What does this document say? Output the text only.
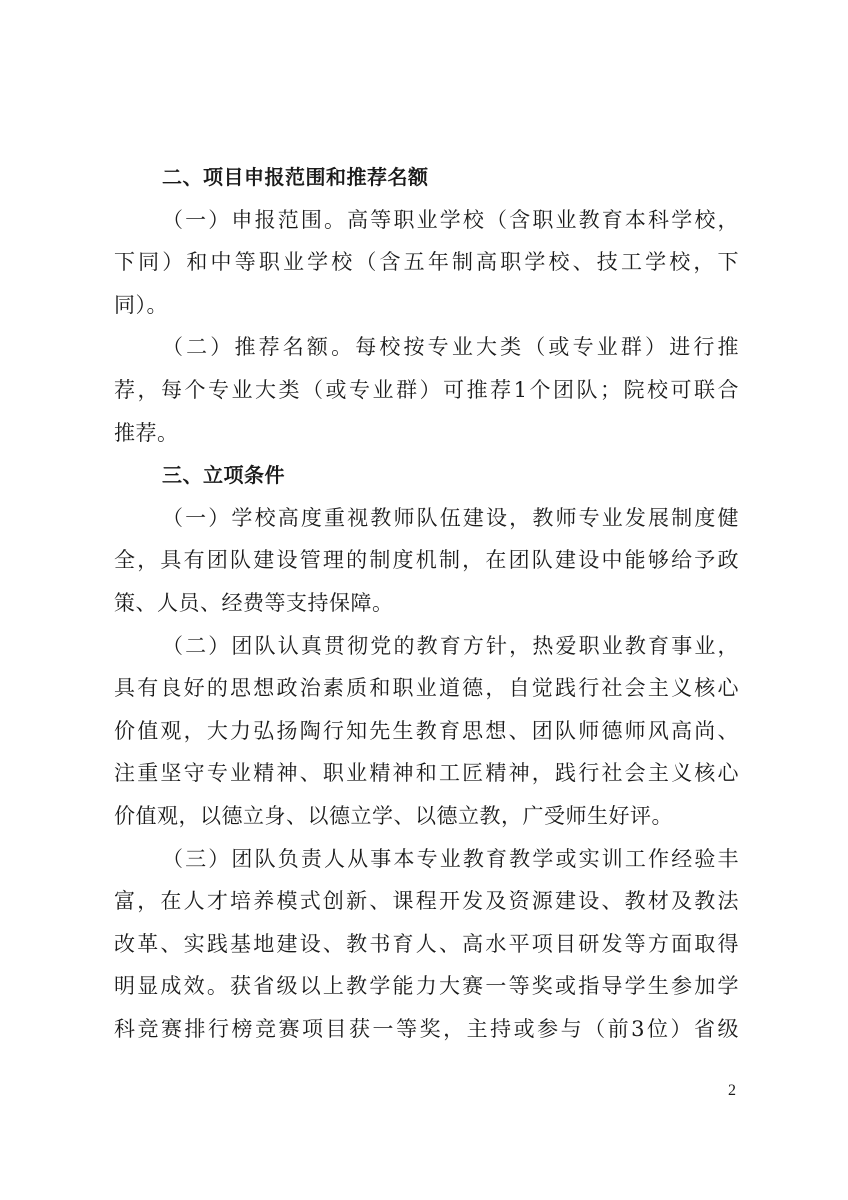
二、项目申报范围和推荐名额
（一）申报范围。高等职业学校（含职业教育本科学校，
下同）和中等职业学校（含五年制高职学校、技工学校，下
同）。
（二）推荐名额。每校按专业大类（或专业群）进行推
荐，每个专业大类（或专业群）可推荐1个团队；院校可联合
推荐。
三、立项条件
（一）学校高度重视教师队伍建设，教师专业发展制度健
全，具有团队建设管理的制度机制，在团队建设中能够给予政
策、人员、经费等支持保障。
（二）团队认真贯彻党的教育方针，热爱职业教育事业，
具有良好的思想政治素质和职业道德，自觉践行社会主义核心
价值观，大力弘扬陶行知先生教育思想、团队师德师风高尚、
注重坚守专业精神、职业精神和工匠精神，践行社会主义核心
价值观，以德立身、以德立学、以德立教，广受师生好评。
（三）团队负责人从事本专业教育教学或实训工作经验丰
富，在人才培养模式创新、课程开发及资源建设、教材及教法
改革、实践基地建设、教书育人、高水平项目研发等方面取得
明显成效。获省级以上教学能力大赛一等奖或指导学生参加学
科竞赛排行榜竞赛项目获一等奖，主持或参与（前3位）省级
2
